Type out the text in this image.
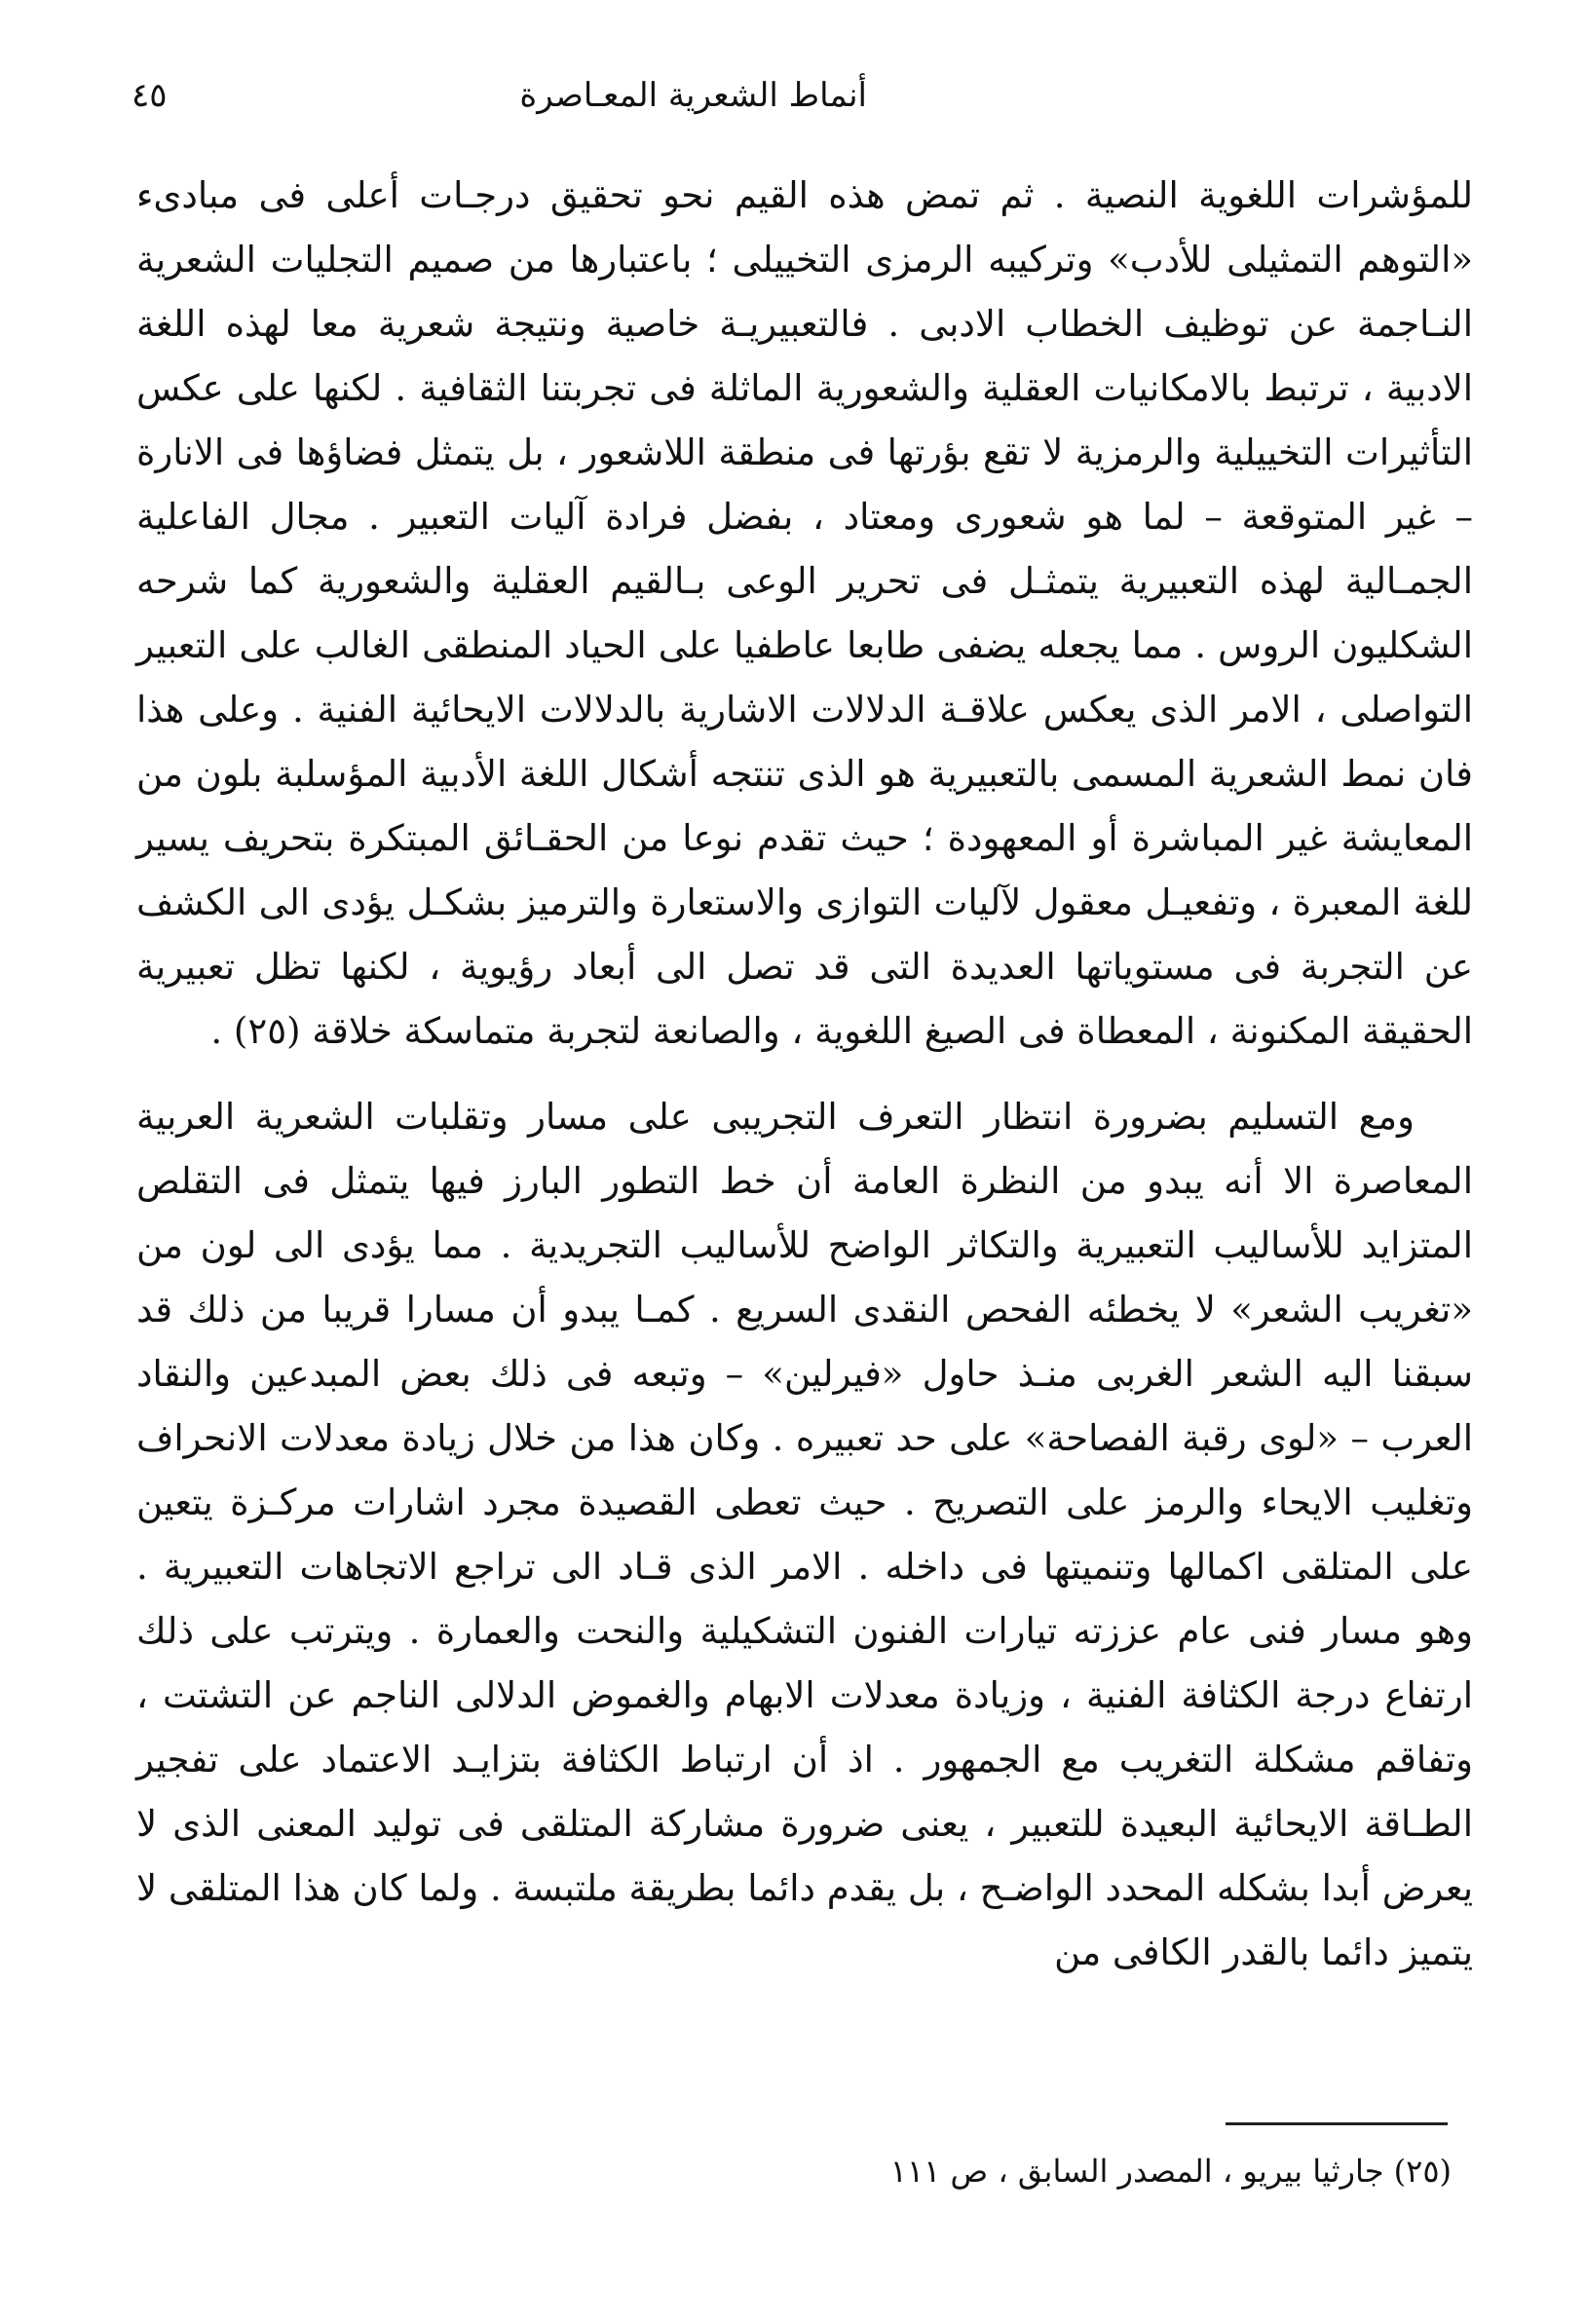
أنماط الشعرية المعـاصرة
٤٥

للمؤشرات اللغوية النصية . ثم تمض هذه القيم نحو تحقيق درجـات أعلى فى مبادىء «التوهم التمثيلى للأدب» وتركيبه الرمزى التخييلى ؛ باعتبارها من صميم التجليات الشعرية النـاجمة عن توظيف الخطاب الادبى . فالتعبيريـة خاصية ونتيجة شعرية معا لهذه اللغة الادبية ، ترتبط بالامكانيات العقلية والشعورية الماثلة فى تجربتنا الثقافية . لكنها على عكس التأثيرات التخييلية والرمزية لا تقع بؤرتها فى منطقة اللاشعور ، بل يتمثل فضاؤها فى الانارة – غير المتوقعة – لما هو شعورى ومعتاد ، بفضل فرادة آليات التعبير . مجال الفاعلية الجمـالية لهذه التعبيرية يتمثـل فى تحرير الوعى بـالقيم العقلية والشعورية كما شرحه الشكليون الروس . مما يجعله يضفى طابعا عاطفيا على الحياد المنطقى الغالب على التعبير التواصلى ، الامر الذى يعكس علاقـة الدلالات الاشارية بالدلالات الايحائية الفنية . وعلى هذا فان نمط الشعرية المسمى بالتعبيرية هو الذى تنتجه أشكال اللغة الأدبية المؤسلبة بلون من المعايشة غير المباشرة أو المعهودة ؛ حيث تقدم نوعا من الحقـائق المبتكرة بتحريف يسير للغة المعبرة ، وتفعيـل معقول لآليات التوازى والاستعارة والترميز بشكـل يؤدى الى الكشف عن التجربة فى مستوياتها العديدة التى قد تصل الى أبعاد رؤيوية ، لكنها تظل تعبيرية الحقيقة المكنونة ، المعطاة فى الصيغ اللغوية ، والصانعة لتجربة متماسكة خلاقة (٢٥) .

ومع التسليم بضرورة انتظار التعرف التجريبى على مسار وتقلبات الشعرية العربية المعاصرة الا أنه يبدو من النظرة العامة أن خط التطور البارز فيها يتمثل فى التقلص المتزايد للأساليب التعبيرية والتكاثر الواضح للأساليب التجريدية . مما يؤدى الى لون من «تغريب الشعر» لا يخطئه الفحص النقدى السريع . كمـا يبدو أن مسارا قريبا من ذلك قد سبقنا اليه الشعر الغربى منـذ حاول «فيرلين» – وتبعه فى ذلك بعض المبدعين والنقاد العرب – «لوى رقبة الفصاحة» على حد تعبيره . وكان هذا من خلال زيادة معدلات الانحراف وتغليب الايحاء والرمز على التصريح . حيث تعطى القصيدة مجرد اشارات مركـزة يتعين على المتلقى اكمالها وتنميتها فى داخله . الامر الذى قـاد الى تراجع الاتجاهات التعبيرية . وهو مسار فنى عام عززته تيارات الفنون التشكيلية والنحت والعمارة . ويترتب على ذلك ارتفاع درجة الكثافة الفنية ، وزيادة معدلات الابهام والغموض الدلالى الناجم عن التشتت ، وتفاقم مشكلة التغريب مع الجمهور . اذ أن ارتباط الكثافة بتزايـد الاعتماد على تفجير الطـاقة الايحائية البعيدة للتعبير ، يعنى ضرورة مشاركة المتلقى فى توليد المعنى الذى لا يعرض أبدا بشكله المحدد الواضـح ، بل يقدم دائما بطريقة ملتبسة . ولما كان هذا المتلقى لا يتميز دائما بالقدر الكافى من

(٢٥) جارثيا بيريو ، المصدر السابق ، ص ١١١
